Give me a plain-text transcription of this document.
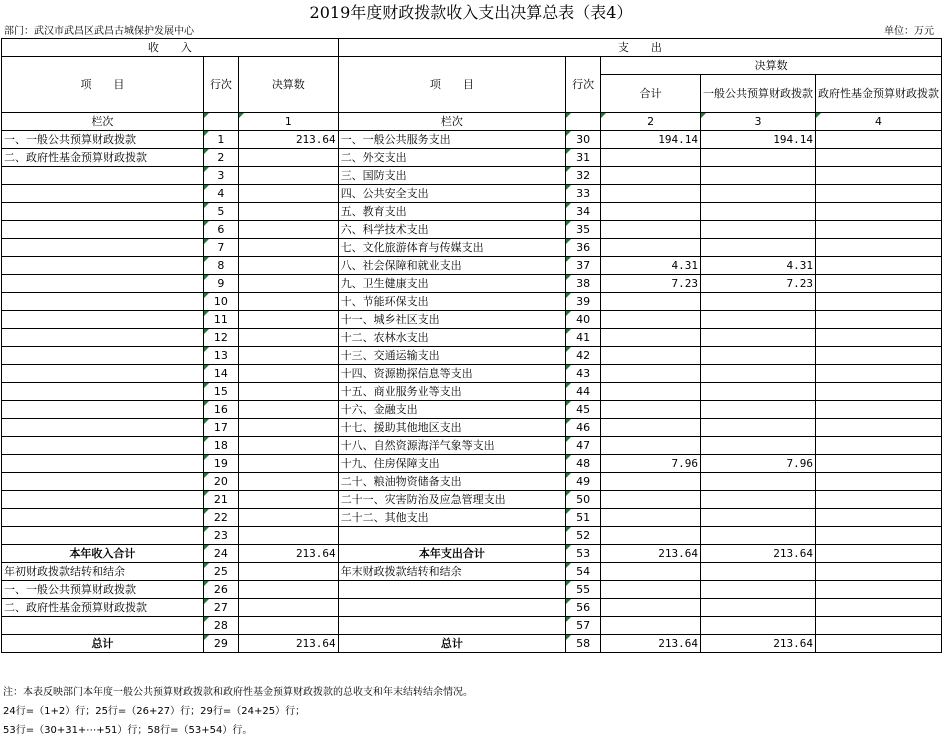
2019年度财政拨款收入支出决算总表（表4）
部门：武汉市武昌区武昌古城保护发展中心	单位：万元
收　　入			支　　出				
项　　目	行次	决算数	项　　目	行次	决算数		
					合计	一般公共预算财政拨款	政府性基金预算财政拨款
栏次		1	栏次		2	3	4
一、一般公共预算财政拨款	1	213.64	一、一般公共服务支出	30	194.14	194.14	
二、政府性基金预算财政拨款	2		二、外交支出	31			
	3		三、国防支出	32			
	4		四、公共安全支出	33			
	5		五、教育支出	34			
	6		六、科学技术支出	35			
	7		七、文化旅游体育与传媒支出	36			
	8		八、社会保障和就业支出	37	4.31	4.31	
	9		九、卫生健康支出	38	7.23	7.23	
	10		十、节能环保支出	39			
	11		十一、城乡社区支出	40			
	12		十二、农林水支出	41			
	13		十三、交通运输支出	42			
	14		十四、资源勘探信息等支出	43			
	15		十五、商业服务业等支出	44			
	16		十六、金融支出	45			
	17		十七、援助其他地区支出	46			
	18		十八、自然资源海洋气象等支出	47			
	19		十九、住房保障支出	48	7.96	7.96	
	20		二十、粮油物资储备支出	49			
	21		二十一、灾害防治及应急管理支出	50			
	22		二十二、其他支出	51			
	23			52			
本年收入合计	24	213.64	本年支出合计	53	213.64	213.64	
年初财政拨款结转和结余	25		年末财政拨款结转和结余	54			
一、一般公共预算财政拨款	26			55			
二、政府性基金预算财政拨款	27			56			
	28			57			
总计	29	213.64	总计	58	213.64	213.64	
注：本表反映部门本年度一般公共预算财政拨款和政府性基金预算财政拨款的总收支和年末结转结余情况。
24行=（1+2）行；25行=（26+27）行；29行=（24+25）行；
53行=（30+31+⋯+51）行；58行=（53+54）行。
